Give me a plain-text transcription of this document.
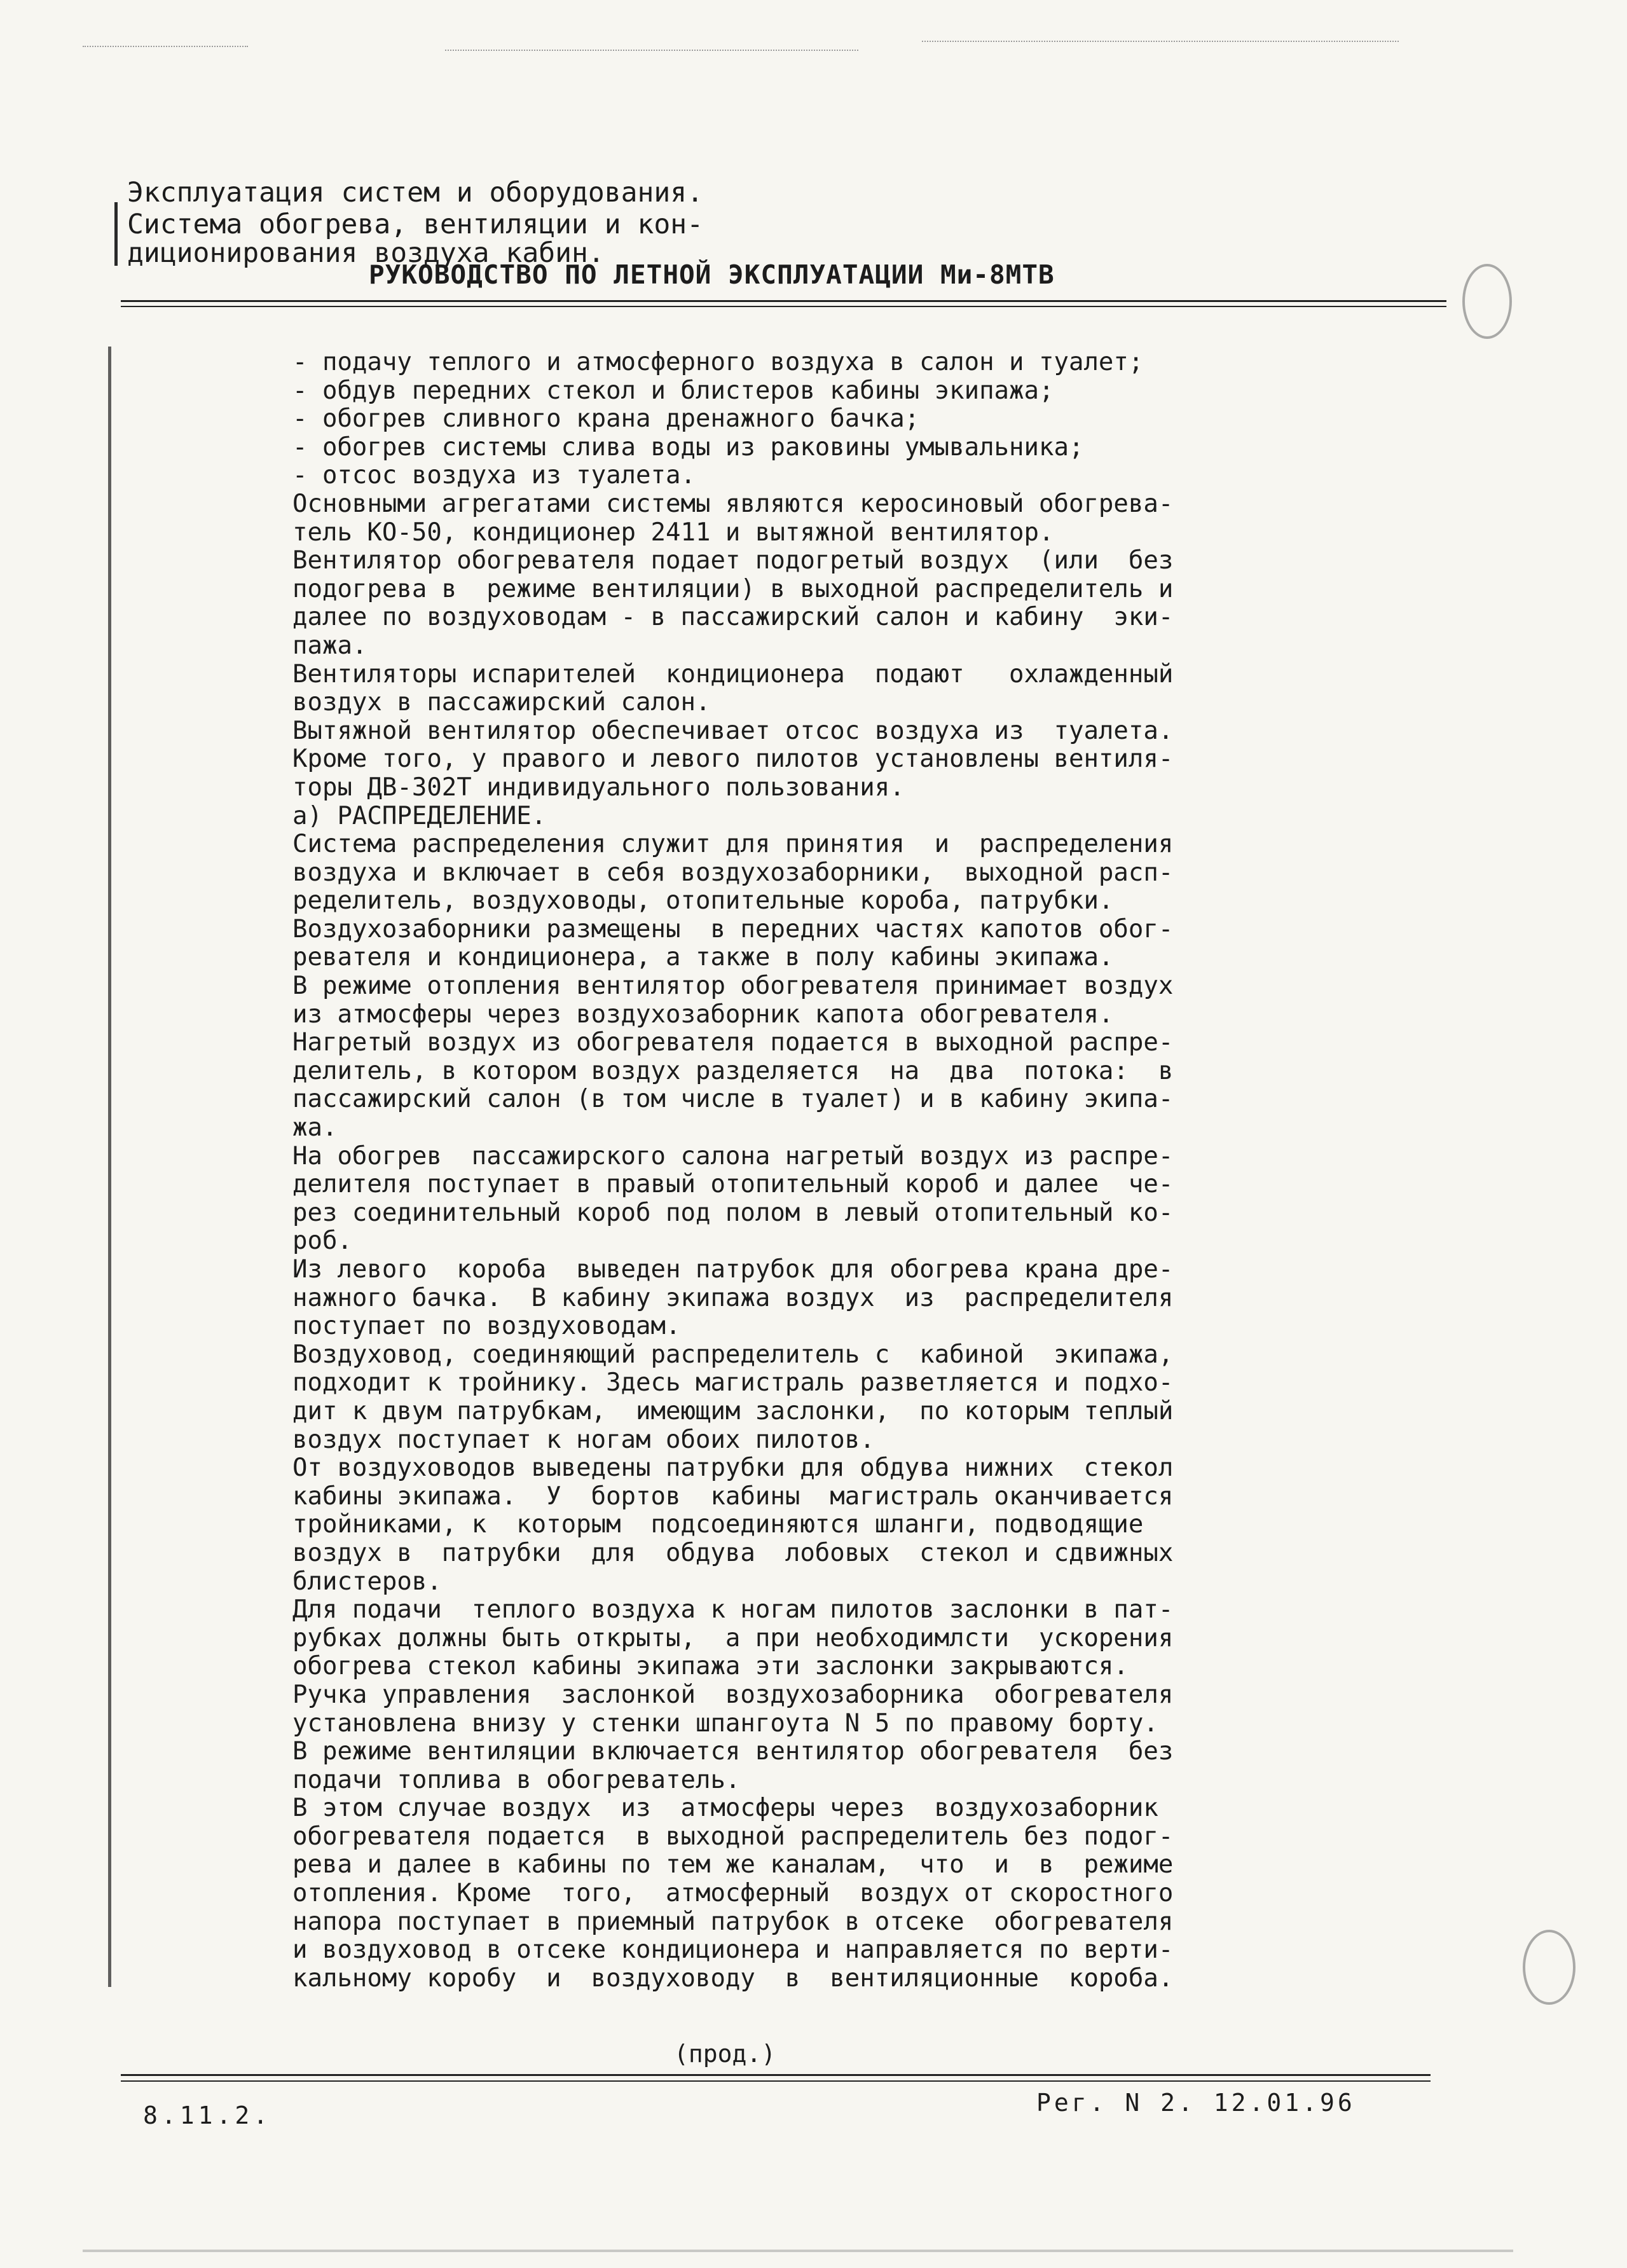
Эксплуатация систем и оборудования.
Система обогрева, вентиляции и кон-
диционирования воздуха кабин.
РУКОВОДСТВО ПО ЛЕТНОЙ ЭКСПЛУАТАЦИИ Ми-8МТВ
- подачу теплого и атмосферного воздуха в салон и туалет;
- обдув передних стекол и блистеров кабины экипажа;
- обогрев сливного крана дренажного бачка;
- обогрев системы слива воды из раковины умывальника;
- отсос воздуха из туалета.
Основными агрегатами системы являются керосиновый обогрева-
тель КО-50, кондиционер 2411 и вытяжной вентилятор.
Вентилятор обогревателя подает подогретый воздух  (или  без
подогрева в  режиме вентиляции) в выходной распределитель и
далее по воздуховодам - в пассажирский салон и кабину  эки-
пажа.
Вентиляторы испарителей  кондиционера  подают   охлажденный
воздух в пассажирский салон.
Вытяжной вентилятор обеспечивает отсос воздуха из  туалета.
Кроме того, у правого и левого пилотов установлены вентиля-
торы ДВ-302Т индивидуального пользования.
а) РАСПРЕДЕЛЕНИЕ.
Система распределения служит для принятия  и  распределения
воздуха и включает в себя воздухозаборники,  выходной расп-
ределитель, воздуховоды, отопительные короба, патрубки.
Воздухозаборники размещены  в передних частях капотов обог-
ревателя и кондиционера, а также в полу кабины экипажа.
В режиме отопления вентилятор обогревателя принимает воздух
из атмосферы через воздухозаборник капота обогревателя.
Нагретый воздух из обогревателя подается в выходной распре-
делитель, в котором воздух разделяется  на  два  потока:  в
пассажирский салон (в том числе в туалет) и в кабину экипа-
жа.
На обогрев  пассажирского салона нагретый воздух из распре-
делителя поступает в правый отопительный короб и далее  че-
рез соединительный короб под полом в левый отопительный ко-
роб.
Из левого  короба  выведен патрубок для обогрева крана дре-
нажного бачка.  В кабину экипажа воздух  из  распределителя
поступает по воздуховодам.
Воздуховод, соединяющий распределитель с  кабиной  экипажа,
подходит к тройнику. Здесь магистраль разветляется и подхо-
дит к двум патрубкам,  имеющим заслонки,  по которым теплый
воздух поступает к ногам обоих пилотов.
От воздуховодов выведены патрубки для обдува нижних  стекол
кабины экипажа.  У  бортов  кабины  магистраль оканчивается
тройниками, к  которым  подсоединяются шланги, подводящие
воздух в  патрубки  для  обдува  лобовых  стекол и сдвижных
блистеров.
Для подачи  теплого воздуха к ногам пилотов заслонки в пат-
рубках должны быть открыты,  а при необходимлсти  ускорения
обогрева стекол кабины экипажа эти заслонки закрываются.
Ручка управления  заслонкой  воздухозаборника  обогревателя
установлена внизу у стенки шпангоута N 5 по правому борту.
В режиме вентиляции включается вентилятор обогревателя  без
подачи топлива в обогреватель.
В этом случае воздух  из  атмосферы через  воздухозаборник
обогревателя подается  в выходной распределитель без подог-
рева и далее в кабины по тем же каналам,  что  и  в  режиме
отопления. Кроме  того,  атмосферный  воздух от скоростного
напора поступает в приемный патрубок в отсеке  обогревателя
и воздуховод в отсеке кондиционера и направляется по верти-
кальному коробу  и  воздуховоду  в  вентиляционные  короба.
(прод.)
8.11.2.	Рег. N 2. 12.01.96
